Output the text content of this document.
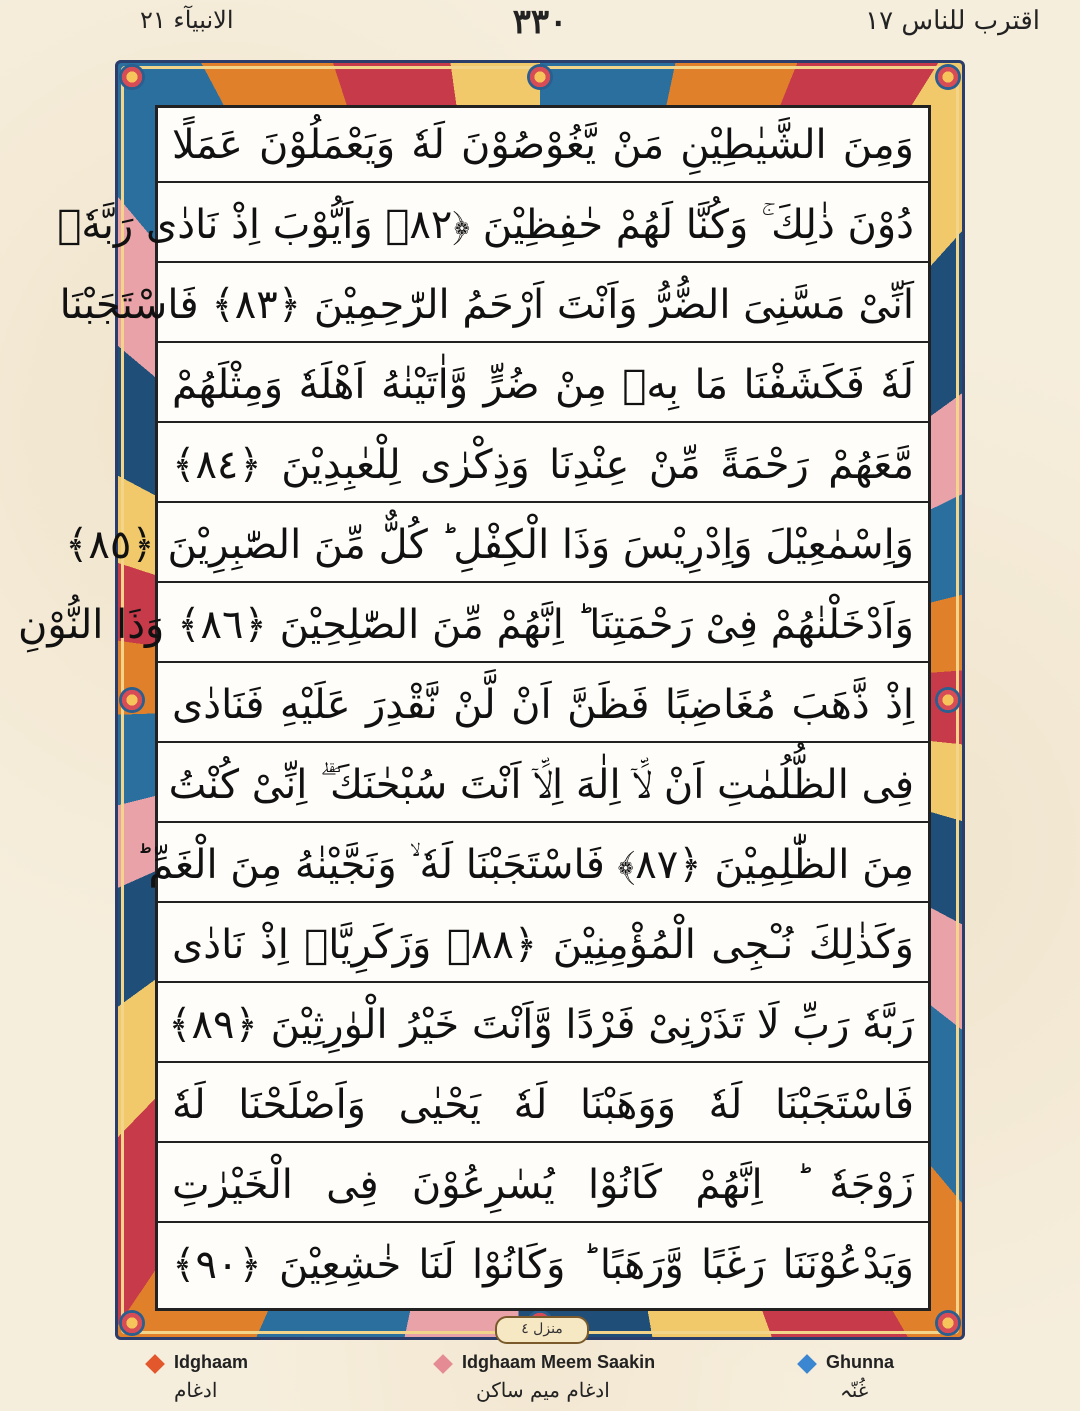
الانبيآء ٢١	٣٣٠	اقترب للناس ١٧
وَمِنَ الشَّيٰطِيْنِ مَنْ يَّغُوْصُوْنَ لَهٗ وَيَعْمَلُوْنَ عَمَلًا
دُوْنَ ذٰلِكَ ۚ وَكُنَّا لَهُمْ حٰفِظِيْنَ ﴿٨٢﴾ وَاَيُّوْبَ اِذْ نَادٰى رَبَّهٗۤ
اَنِّىْ مَسَّنِىَ الضُّرُّ وَاَنْتَ اَرْحَمُ الرّٰحِمِيْنَ ﴿٨٣﴾ فَاسْتَجَبْنَا
لَهٗ فَكَشَفْنَا مَا بِهٖ مِنْ ضُرٍّ وَّاٰتَيْنٰهُ اَهْلَهٗ وَمِثْلَهُمْ
مَّعَهُمْ رَحْمَةً مِّنْ عِنْدِنَا وَذِكْرٰى لِلْعٰبِدِيْنَ ﴿٨٤﴾
وَاِسْمٰعِيْلَ وَاِدْرِيْسَ وَذَا الْكِفْلِ ؕ كُلٌّ مِّنَ الصّٰبِرِيْنَ ﴿٨٥﴾
وَاَدْخَلْنٰهُمْ فِىْ رَحْمَتِنَا ؕ اِنَّهُمْ مِّنَ الصّٰلِحِيْنَ ﴿٨٦﴾ وَذَا النُّوْنِ
اِذْ ذَّهَبَ مُغَاضِبًا فَظَنَّ اَنْ لَّنْ نَّقْدِرَ عَلَيْهِ فَنَادٰى
فِى الظُّلُمٰتِ اَنْ لَّاۤ اِلٰهَ اِلَّاۤ اَنْتَ سُبْحٰنَكَ ۖۗ اِنِّىْ كُنْتُ
مِنَ الظّٰلِمِيْنَ ﴿٨٧﴾ فَاسْتَجَبْنَا لَهٗ ۙ وَنَجَّيْنٰهُ مِنَ الْغَمِّ ؕ
وَكَذٰلِكَ نُـْجِى الْمُؤْمِنِيْنَ ﴿٨٨﴾ وَزَكَرِيَّاۤ اِذْ نَادٰى
رَبَّهٗ رَبِّ لَا تَذَرْنِىْ فَرْدًا وَّاَنْتَ خَيْرُ الْوٰرِثِيْنَ ﴿٨٩﴾
فَاسْتَجَبْنَا لَهٗ وَوَهَبْنَا لَهٗ يَحْيٰى وَاَصْلَحْنَا لَهٗ
زَوْجَهٗ ؕ اِنَّهُمْ كَانُوْا يُسٰرِعُوْنَ فِى الْخَيْرٰتِ
وَيَدْعُوْنَنَا رَغَبًا وَّرَهَبًا ؕ وَكَانُوْا لَنَا خٰشِعِيْنَ ﴿٩٠﴾
منزل ٤
Idghaam
ادغام
Idghaam Meem Saakin
ادغام میم ساکن
Ghunna
غُنّہ
